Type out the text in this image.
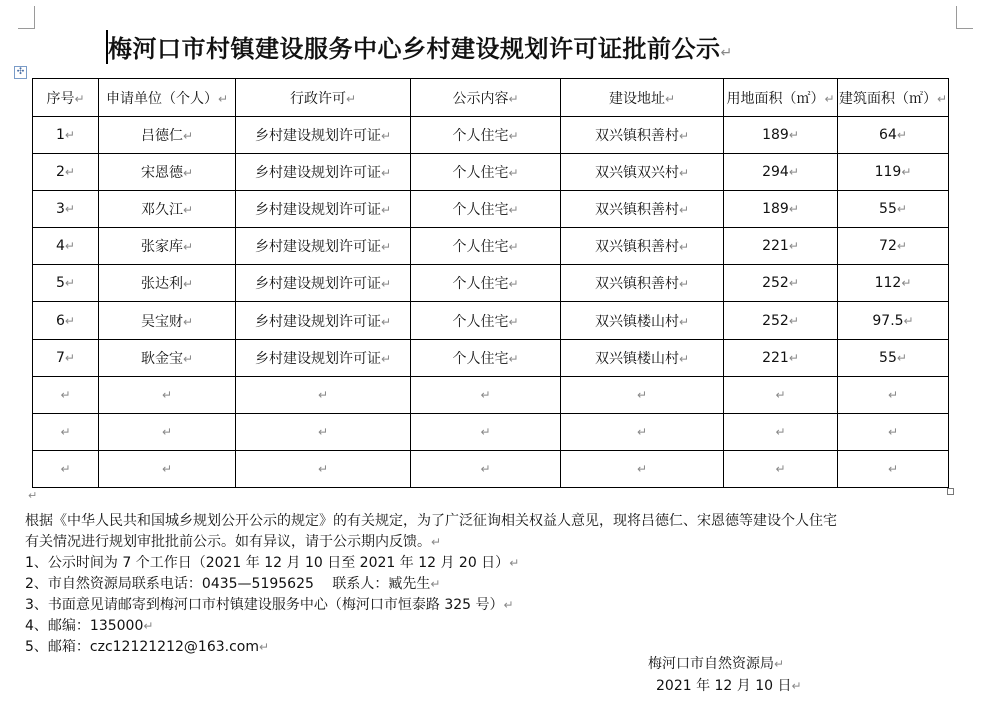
✣
梅河口市村镇建设服务中心乡村建设规划许可证批前公示↵
序号↵	申请单位（个人）↵	行政许可↵	公示内容↵	建设地址↵	用地面积（㎡）↵	建筑面积（㎡）↵
1↵	吕德仁↵	乡村建设规划许可证↵	个人住宅↵	双兴镇积善村↵	189↵	64↵
2↵	宋恩德↵	乡村建设规划许可证↵	个人住宅↵	双兴镇双兴村↵	294↵	119↵
3↵	邓久江↵	乡村建设规划许可证↵	个人住宅↵	双兴镇积善村↵	189↵	55↵
4↵	张家库↵	乡村建设规划许可证↵	个人住宅↵	双兴镇积善村↵	221↵	72↵
5↵	张达利↵	乡村建设规划许可证↵	个人住宅↵	双兴镇积善村↵	252↵	112↵
6↵	吴宝财↵	乡村建设规划许可证↵	个人住宅↵	双兴镇楼山村↵	252↵	97.5↵
7↵	耿金宝↵	乡村建设规划许可证↵	个人住宅↵	双兴镇楼山村↵	221↵	55↵
↵	↵	↵	↵	↵	↵	↵
↵	↵	↵	↵	↵	↵	↵
↵	↵	↵	↵	↵	↵	↵
↵

根据《中华人民共和国城乡规划公开公示的规定》的有关规定，为了广泛征询相关权益人意见，现将吕德仁、宋恩德等建设个人住宅

有关情况进行规划审批批前公示。如有异议，请于公示期内反馈。↵

1、公示时间为 7 个工作日（2021 年 12 月 10 日至 2021 年 12 月 20 日）↵

2、市自然资源局联系电话：0435—5195625　 联系人：臧先生↵

3、书面意见请邮寄到梅河口市村镇建设服务中心（梅河口市恒泰路 325 号）↵

4、邮编：135000↵

5、邮箱：czc12121212@163.com↵

梅河口市自然资源局↵

2021 年 12 月 10 日↵
